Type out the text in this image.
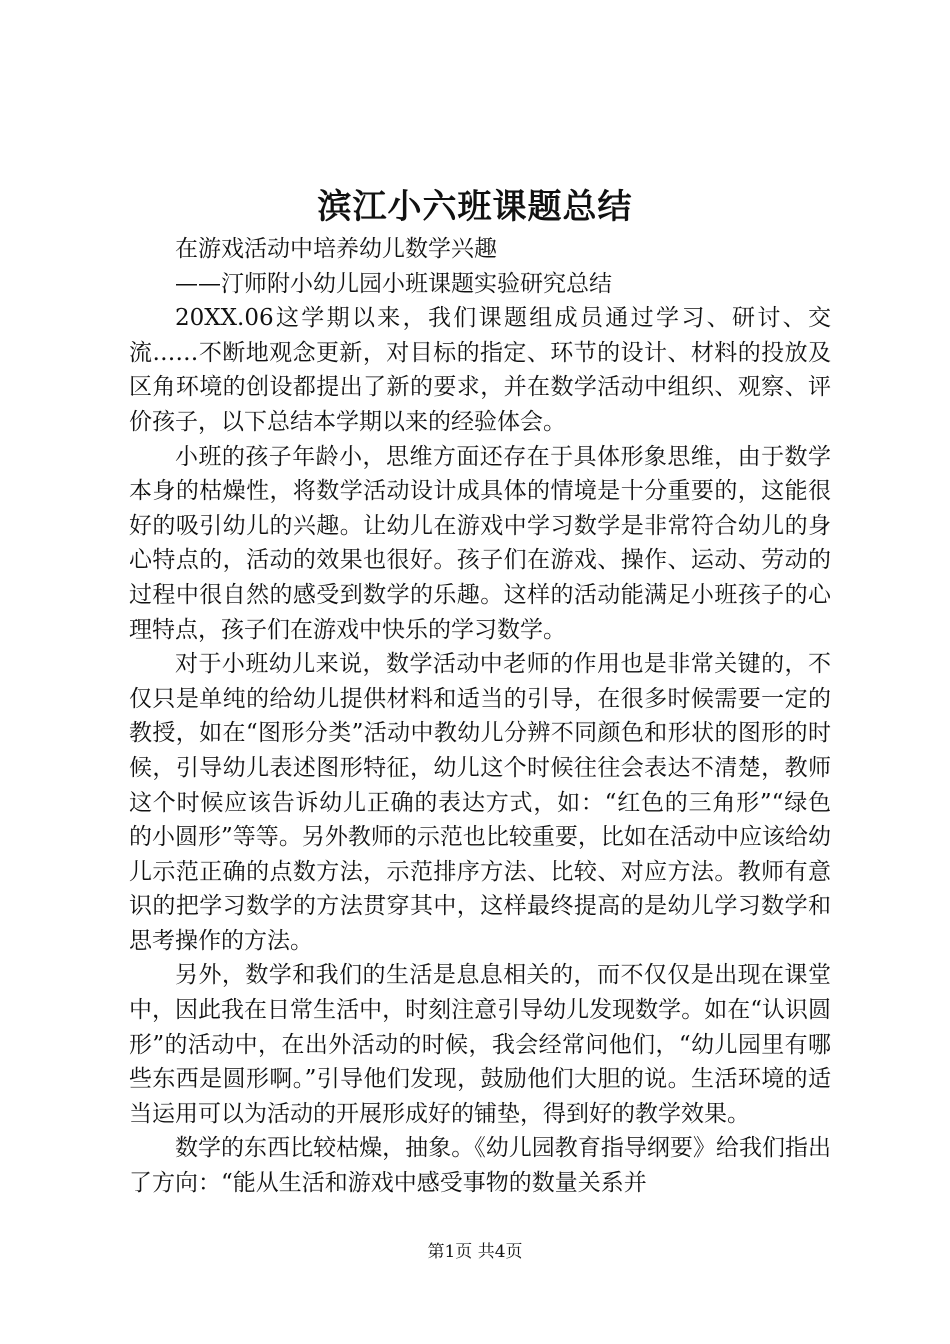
滨江小六班课题总结

在游戏活动中培养幼儿数学兴趣

——汀师附小幼儿园小班课题实验研究总结

20XX.06这学期以来，我们课题组成员通过学习、研讨、交流……不断地观念更新，对目标的指定、环节的设计、材料的投放及区角环境的创设都提出了新的要求，并在数学活动中组织、观察、评价孩子，以下总结本学期以来的经验体会。

小班的孩子年龄小，思维方面还存在于具体形象思维，由于数学本身的枯燥性，将数学活动设计成具体的情境是十分重要的，这能很好的吸引幼儿的兴趣。让幼儿在游戏中学习数学是非常符合幼儿的身心特点的，活动的效果也很好。孩子们在游戏、操作、运动、劳动的过程中很自然的感受到数学的乐趣。这样的活动能满足小班孩子的心理特点，孩子们在游戏中快乐的学习数学。

对于小班幼儿来说，数学活动中老师的作用也是非常关键的，不仅只是单纯的给幼儿提供材料和适当的引导，在很多时候需要一定的教授，如在“图形分类”活动中教幼儿分辨不同颜色和形状的图形的时候，引导幼儿表述图形特征，幼儿这个时候往往会表达不清楚，教师这个时候应该告诉幼儿正确的表达方式，如：“红色的三角形”“绿色的小圆形”等等。另外教师的示范也比较重要，比如在活动中应该给幼儿示范正确的点数方法，示范排序方法、比较、对应方法。教师有意识的把学习数学的方法贯穿其中，这样最终提高的是幼儿学习数学和思考操作的方法。

另外，数学和我们的生活是息息相关的，而不仅仅是出现在课堂中，因此我在日常生活中，时刻注意引导幼儿发现数学。如在“认识圆形”的活动中，在出外活动的时候，我会经常问他们，“幼儿园里有哪些东西是圆形啊。”引导他们发现，鼓励他们大胆的说。生活环境的适当运用可以为活动的开展形成好的铺垫，得到好的教学效果。

数学的东西比较枯燥，抽象。《幼儿园教育指导纲要》给我们指出了方向：“能从生活和游戏中感受事物的数量关系并

第1页 共4页
